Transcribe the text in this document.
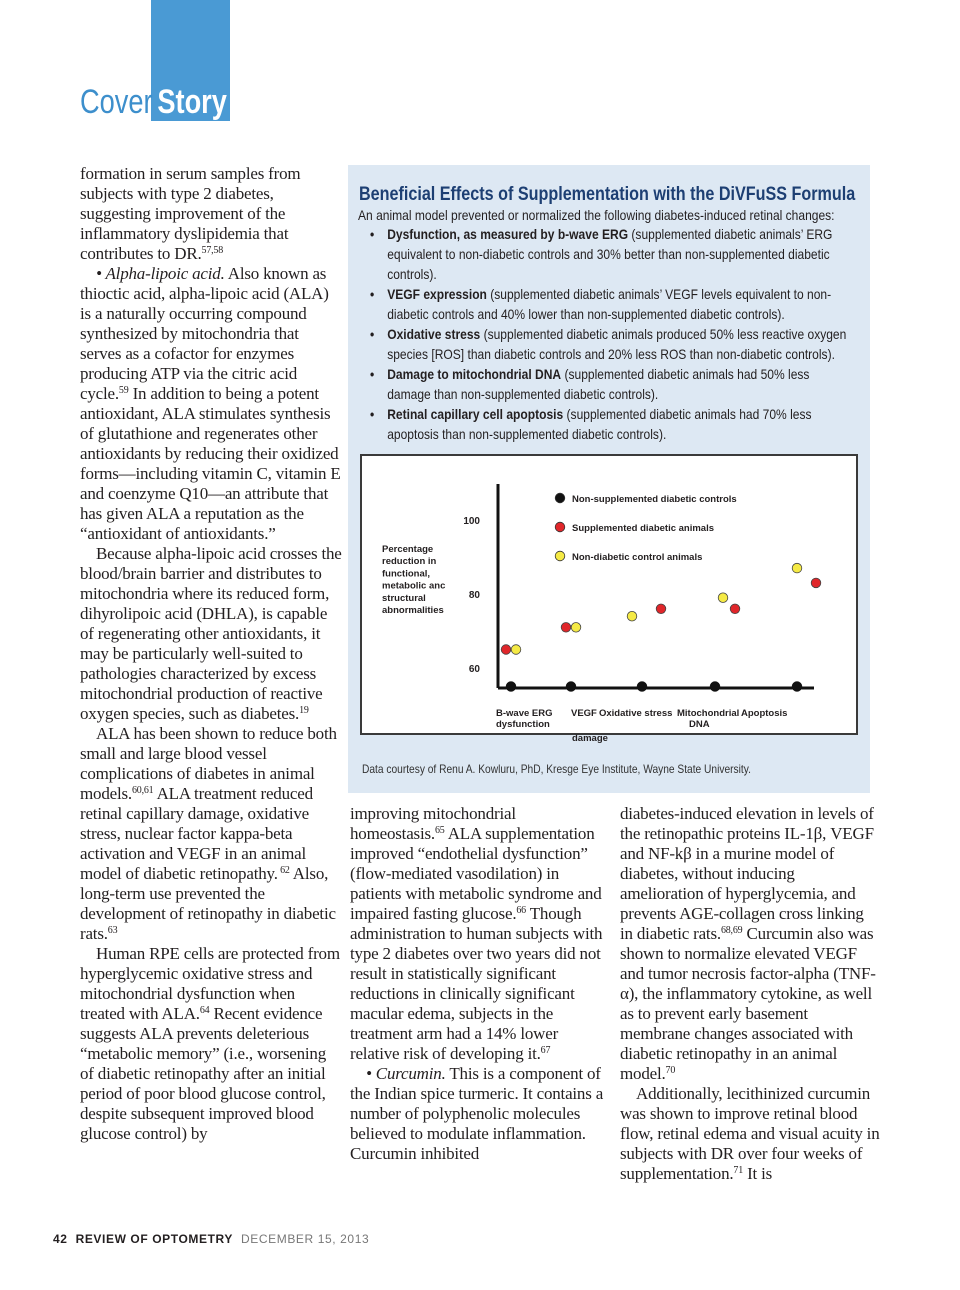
Cover Story

formation in serum samples from subjects with type 2 diabetes, suggesting improvement of the inflammatory dyslipidemia that contributes to DR.$^{57,58}$

• Alpha-lipoic acid. Also known as thioctic acid, alpha-lipoic acid (ALA) is a naturally occurring compound synthesized by mitochondria that serves as a cofactor for enzymes producing ATP via the citric acid cycle.$^{59}$ In addition to being a potent antioxidant, ALA stimulates synthesis of glutathione and regenerates other antioxidants by reducing their oxidized forms—including vitamin C, vitamin E and coenzyme Q10—an attribute that has given ALA a reputation as the “antioxidant of antioxidants.”

Because alpha-lipoic acid crosses the blood/brain barrier and distributes to mitochondria where its reduced form, dihyrolipoic acid (DHLA), is capable of regenerating other antioxidants, it may be particularly well-suited to pathologies characterized by excess mitochondrial production of reactive oxygen species, such as diabetes.$^{19}$

ALA has been shown to reduce both small and large blood vessel complications of diabetes in animal models.$^{60,61}$ ALA treatment reduced retinal capillary damage, oxidative stress, nuclear factor kappa-beta activation and VEGF in an animal model of diabetic retinopathy. $^{62}$ Also, long-term use prevented the development of retinopathy in diabetic rats.$^{63}$

Human RPE cells are protected from hyperglycemic oxidative stress and mitochondrial dysfunction when treated with ALA.$^{64}$ Recent evidence suggests ALA prevents deleterious “metabolic memory” (i.e., worsening of diabetic retinopathy after an initial period of poor blood glucose control, despite subsequent improved blood glucose control) by

Beneficial Effects of Supplementation with the DiVFuSS Formula
An animal model prevented or normalized the following diabetes-induced retinal changes:
• Dysfunction, as measured by b-wave ERG (supplemented diabetic animals’ ERG equivalent to non-diabetic controls and 30% better than non-supplemented diabetic controls).
• VEGF expression (supplemented diabetic animals’ VEGF levels equivalent to non-diabetic controls and 40% lower than non-supplemented diabetic controls).
• Oxidative stress (supplemented diabetic animals produced 50% less reactive oxygen species [ROS] than diabetic controls and 20% less ROS than non-diabetic controls).
• Damage to mitochondrial DNA (supplemented diabetic animals had 50% less damage than non-supplemented diabetic controls).
• Retinal capillary cell apoptosis (supplemented diabetic animals had 70% less apoptosis than non-supplemented diabetic controls).
Percentage
reduction in
functional,
metabolic anc
structural
abnormalities
100
80
60
B-wave ERG
dysfunction
VEGF Oxidative stress
damage
Mitochondrial
DNA
Apoptosis
Non-supplemented diabetic controls
Supplemented diabetic animals
Non-diabetic control animals
Data courtesy of Renu A. Kowluru, PhD, Kresge Eye Institute, Wayne State University.

improving mitochondrial homeostasis.$^{65}$ ALA supplementation improved “endothelial dysfunction” (flow-mediated vasodilation) in patients with metabolic syndrome and impaired fasting glucose.$^{66}$ Though administration to human subjects with type 2 diabetes over two years did not result in statistically significant reductions in clinically significant macular edema, subjects in the treatment arm had a 14% lower relative risk of developing it.$^{67}$

• Curcumin. This is a component of the Indian spice turmeric. It contains a number of polyphenolic molecules believed to modulate inflammation. Curcumin inhibited

diabetes-induced elevation in levels of the retinopathic proteins IL-1β, VEGF and NF-kβ in a murine model of diabetes, without inducing amelioration of hyperglycemia, and prevents AGE-collagen cross linking in diabetic rats.$^{68,69}$ Curcumin also was shown to normalize elevated VEGF and tumor necrosis factor-alpha (TNF-α), the inflammatory cytokine, as well as to prevent early basement membrane changes associated with diabetic retinopathy in an animal model.$^{70}$

Additionally, lecithinized curcumin was shown to improve retinal blood flow, retinal edema and visual acuity in subjects with DR over four weeks of supplementation.$^{71}$ It is

42 REVIEW OF OPTOMETRY DECEMBER 15, 2013
